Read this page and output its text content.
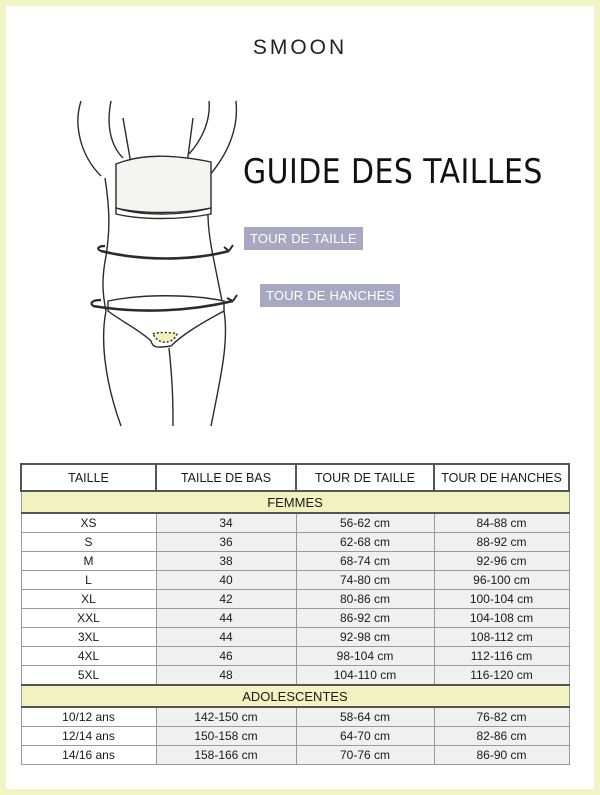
SMOON
GUIDE DES TAILLES
TOUR DE TAILLE
TOUR DE HANCHES
TAILLE	TAILLE DE BAS	TOUR DE TAILLE	TOUR DE HANCHES
FEMMES			
XS	34	56-62 cm	84-88 cm
S	36	62-68 cm	88-92 cm
M	38	68-74 cm	92-96 cm
L	40	74-80 cm	96-100 cm
XL	42	80-86 cm	100-104 cm
XXL	44	86-92 cm	104-108 cm
3XL	44	92-98 cm	108-112 cm
4XL	46	98-104 cm	112-116 cm
5XL	48	104-110 cm	116-120 cm
ADOLESCENTES			
10/12 ans	142-150 cm	58-64 cm	76-82 cm
12/14 ans	150-158 cm	64-70 cm	82-86 cm
14/16 ans	158-166 cm	70-76 cm	86-90 cm
